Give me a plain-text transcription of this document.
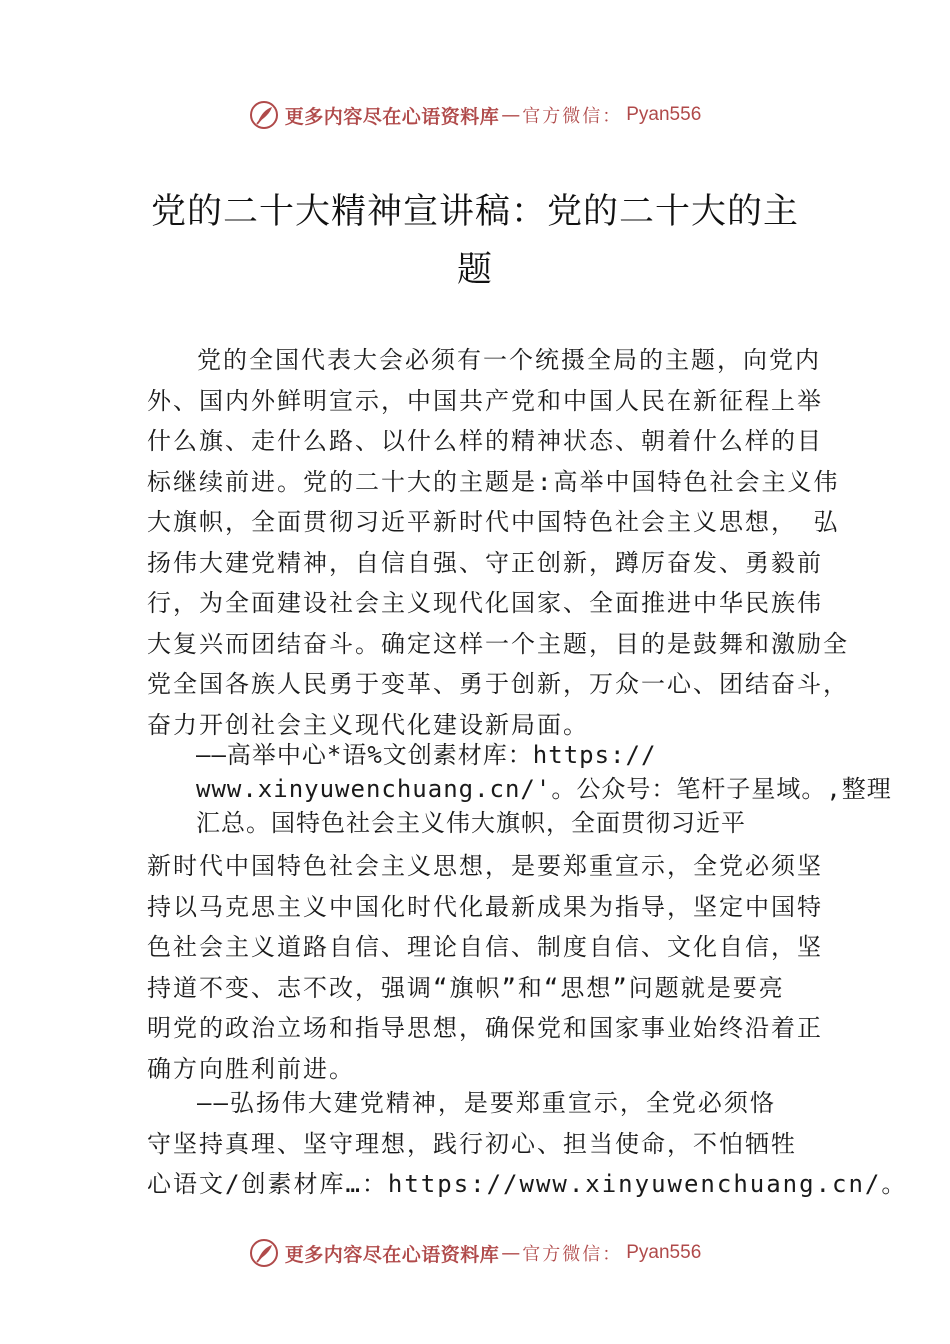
更多内容尽在心语资料库 — 官方微信： Pyan556
党的二十大精神宣讲稿：党的二十大的主
题
党的全国代表大会必须有一个统摄全局的主题，向党内
外、国内外鲜明宣示，中国共产党和中国人民在新征程上举
什么旗、走什么路、以什么样的精神状态、朝着什么样的目
标继续前进。党的二十大的主题是:高举中国特色社会主义伟
大旗帜，全面贯彻习近平新时代中国特色社会主义思想， 弘
扬伟大建党精神，自信自强、守正创新，蹲厉奋发、勇毅前
行，为全面建设社会主义现代化国家、全面推进中华民族伟
大复兴而团结奋斗。确定这样一个主题，目的是鼓舞和激励全
党全国各族人民勇于变革、勇于创新，万众一心、团结奋斗，
奋力开创社会主义现代化建设新局面。
——高举中心*语%文创素材库：https://
www.xinyuwenchuang.cn/'。公众号：笔杆子星域。,整理
汇总。国特色社会主义伟大旗帜，全面贯彻习近平
新时代中国特色社会主义思想，是要郑重宣示，全党必须坚
持以马克思主义中国化时代化最新成果为指导，坚定中国特
色社会主义道路自信、理论自信、制度自信、文化自信，坚
持道不变、志不改，强调“旗帜”和“思想”问题就是要亮
明党的政治立场和指导思想，确保党和国家事业始终沿着正
确方向胜利前进。
——弘扬伟大建党精神，是要郑重宣示，全党必须恪
守坚持真理、坚守理想，践行初心、担当使命，不怕牺牲
心语文/创素材库…：https://www.xinyuwenchuang.cn/。
更多内容尽在心语资料库 — 官方微信： Pyan556
